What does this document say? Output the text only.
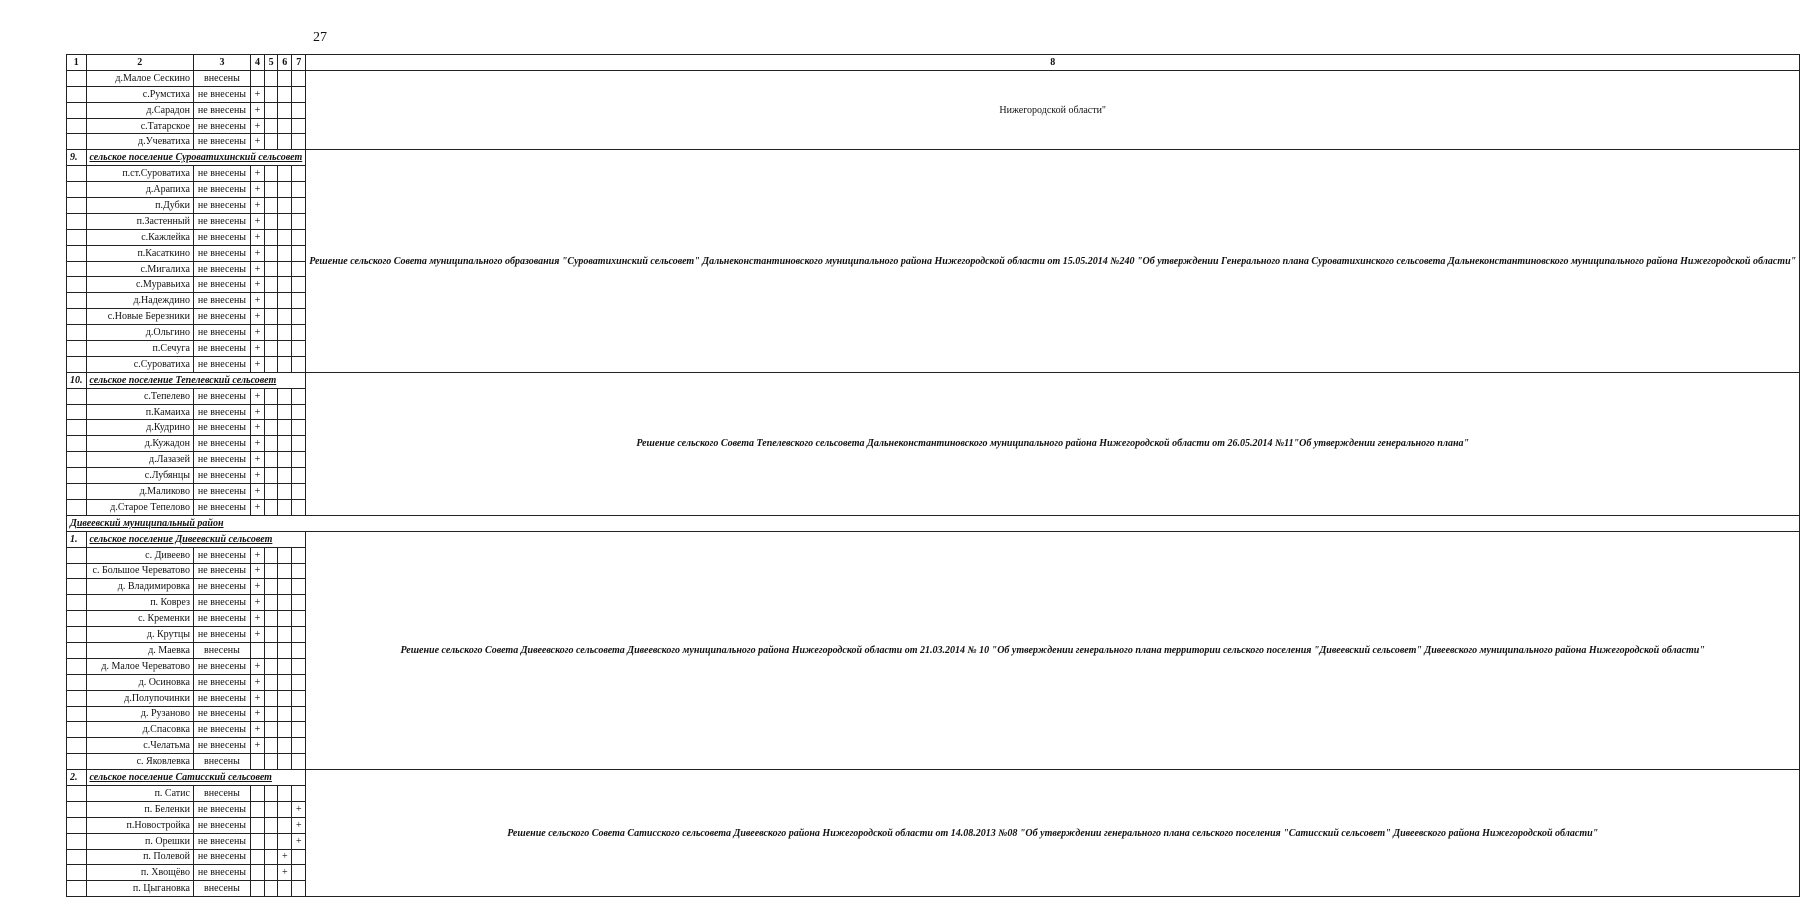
27
1	2	3	4	5	6	7	8
	д.Малое Сескино	внесены					Нижегородской области"
	с.Румстиха	не внесены	+				
	д.Сарадон	не внесены	+				
	с.Татарское	не внесены	+				
	д.Учеватиха	не внесены	+				
9.	сельское поселение Суроватихинский сельсовет						Решение сельского Совета муниципального образования "Суроватихинский сельсовет" Дальнеконстантиновского муниципального района Нижегородской области от 15.05.2014 №240 "Об утверждении Генерального плана Суроватихинского сельсовета Дальнеконстантиновского муниципального района Нижегородской области"
	п.ст.Суроватиха	не внесены	+				
	д.Арапиха	не внесены	+				
	п.Дубки	не внесены	+				
	п.Застенный	не внесены	+				
	с.Кажлейка	не внесены	+				
	п.Касаткино	не внесены	+				
	с.Мигалиха	не внесены	+				
	с.Муравьиха	не внесены	+				
	д.Надеждино	не внесены	+				
	с.Новые Березники	не внесены	+				
	д.Ольгино	не внесены	+				
	п.Сечуга	не внесены	+				
	с.Суроватиха	не внесены	+				
10.	сельское поселение Тепелевский сельсовет						Решение сельского Совета Тепелевского сельсовета Дальнеконстантиновского муниципального района Нижегородской области от 26.05.2014 №11"Об утверждении генерального плана"
	с.Тепелево	не внесены	+				
	п.Камаиха	не внесены	+				
	д.Кудрино	не внесены	+				
	д.Кужадон	не внесены	+				
	д.Лазазей	не внесены	+				
	с.Лубянцы	не внесены	+				
	д.Маликово	не внесены	+				
	д.Старое Тепелово	не внесены	+				
Дивеевский муниципальный район							
1.	сельское поселение Дивеевский сельсовет						Решение сельского Совета Дивеевского сельсовета Дивеевского муниципального района Нижегородской области от 21.03.2014 № 10 "Об утверждении генерального плана территории сельского поселения "Дивеевский сельсовет" Дивеевского муниципального района Нижегородской области"
	с. Дивеево	не внесены	+				
	с. Большое Череватово	не внесены	+				
	д. Владимировка	не внесены	+				
	п. Коврез	не внесены	+				
	с. Кременки	не внесены	+				
	д. Крутцы	не внесены	+				
	д. Маевка	внесены					
	д. Малое Череватово	не внесены	+				
	д. Осиновка	не внесены	+				
	д.Полупочинки	не внесены	+				
	д. Рузаново	не внесены	+				
	д.Спасовка	не внесены	+				
	с.Челатьма	не внесены	+				
	с. Яковлевка	внесены					
2.	сельское поселение Сатисский сельсовет						Решение сельского Совета Сатисского сельсовета Дивеевского района Нижегородской области от 14.08.2013 №08 "Об утверждении генерального плана сельского поселения "Сатисский сельсовет" Дивеевского района Нижегородской области"
	п. Сатис	внесены					
	п. Беленки	не внесены				+	
	п.Новостройка	не внесены				+	
	п. Орешки	не внесены				+	
	п. Полевой	не внесены			+		
	п. Хвощёво	не внесены			+		
	п. Цыгановка	внесены					
